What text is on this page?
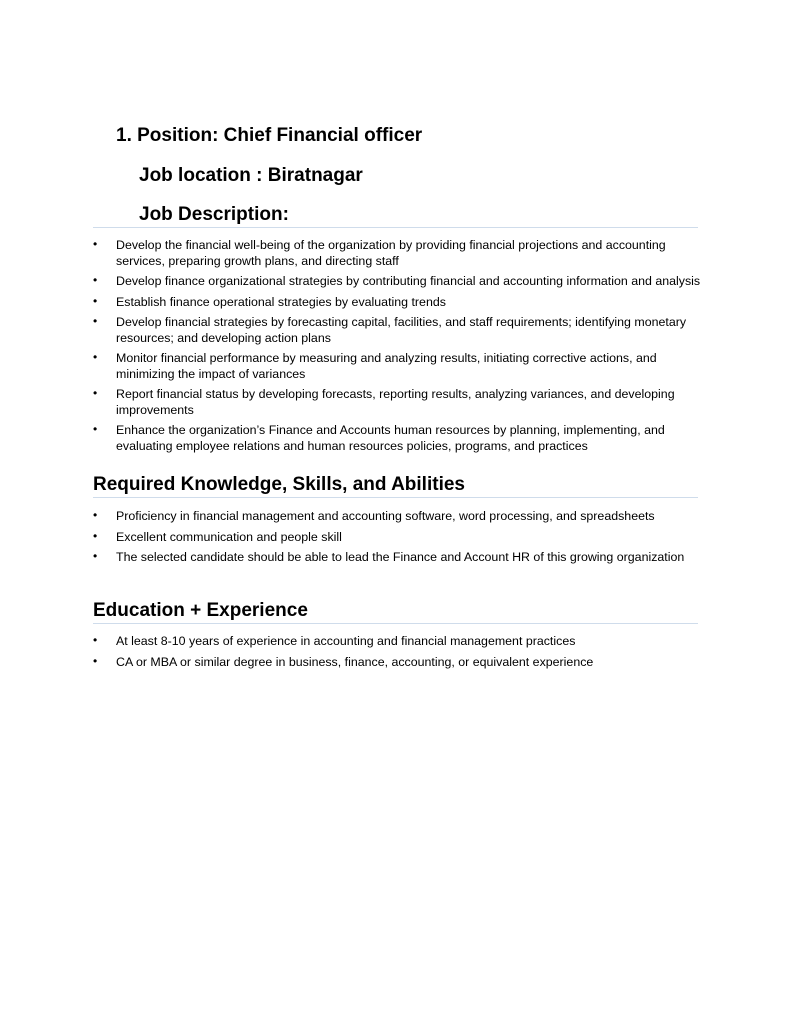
1. Position: Chief Financial officer
Job location : Biratnagar
Job Description:
• Develop the financial well-being of the organization by providing financial projections and accounting services, preparing growth plans, and directing staff
• Develop finance organizational strategies by contributing financial and accounting information and analysis
• Establish finance operational strategies by evaluating trends
• Develop financial strategies by forecasting capital, facilities, and staff requirements; identifying monetary resources; and developing action plans
• Monitor financial performance by measuring and analyzing results, initiating corrective actions, and minimizing the impact of variances
• Report financial status by developing forecasts, reporting results, analyzing variances, and developing improvements
• Enhance the organization’s Finance and Accounts human resources by planning, implementing, and evaluating employee relations and human resources policies, programs, and practices
Required Knowledge, Skills, and Abilities
• Proficiency in financial management and accounting software, word processing, and spreadsheets
• Excellent communication and people skill
• The selected candidate should be able to lead the Finance and Account HR of this growing organization
Education + Experience
• At least 8-10 years of experience in accounting and financial management practices
• CA or MBA or similar degree in business, finance, accounting, or equivalent experience
